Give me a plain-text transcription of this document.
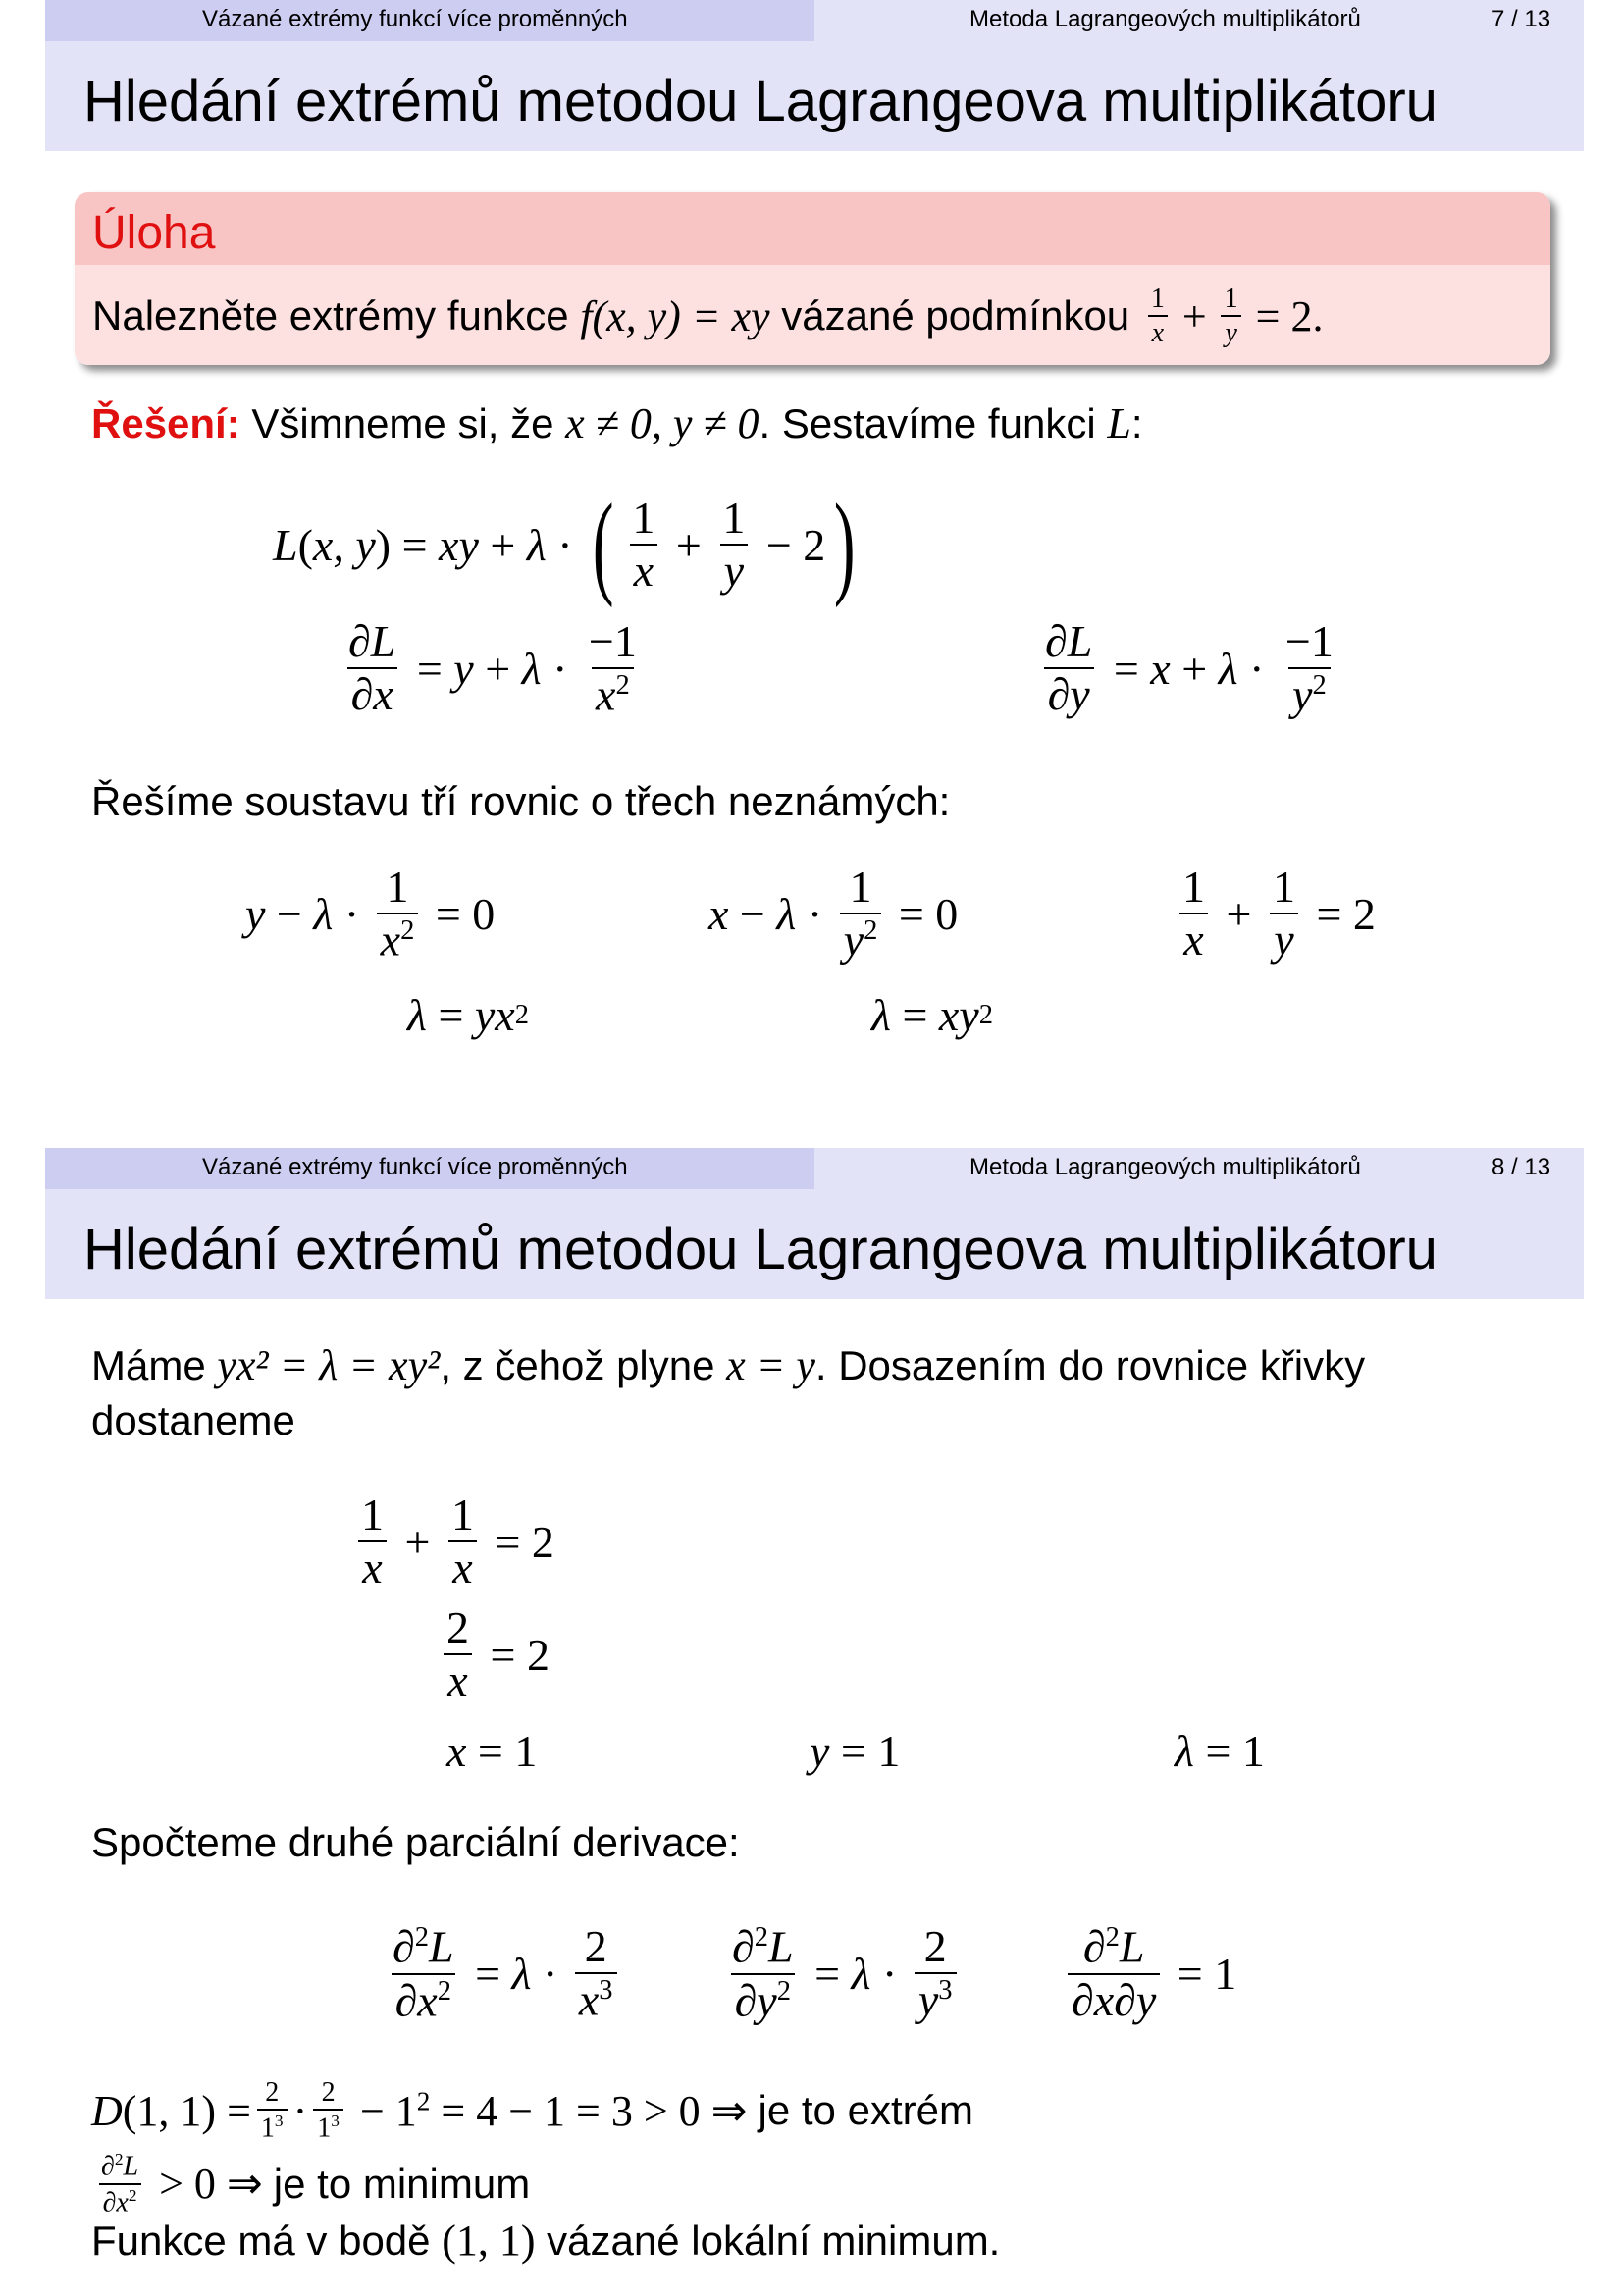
Vázané extrémy funkcí více proměnných	Metoda Lagrangeových multiplikátorů	7 / 13
Hledání extrémů metodou Lagrangeova multiplikátoru
Úloha
Nalezněte extrémy funkce f(x, y) = xy vázané podmínkou $\frac{1}{x} + \frac{1}{y} = 2$.
Řešení: Všimneme si, že x ≠ 0, y ≠ 0. Sestavíme funkci L:
L ( x, y ) = xy + λ · ( $\frac{1}{x} + \frac{1}{y} - 2$ )
$\frac{\partial L}{\partial x} = y + \lambda \cdot \frac{-1}{x^2}$	$\frac{\partial L}{\partial y} = x + \lambda \cdot \frac{-1}{y^2}$
Řešíme soustavu tří rovnic o třech neznámých:
$y - \lambda \cdot \frac{1}{x^2} = 0$	$x - \lambda \cdot \frac{1}{y^2} = 0$	$\frac{1}{x} + \frac{1}{y} = 2$
λ = yx 2	λ = xy 2
Vázané extrémy funkcí více proměnných	Metoda Lagrangeových multiplikátorů	8 / 13
Hledání extrémů metodou Lagrangeova multiplikátoru
Máme yx² = λ = xy², z čehož plyne x = y. Dosazením do rovnice křivky
dostaneme
$\frac{1}{x} + \frac{1}{x} = 2$
$\frac{2}{x} = 2$
x = 1	y = 1	λ = 1
Spočteme druhé parciální derivace:
$\frac{\partial^2L}{\partial x^2} = \lambda \cdot \frac{2}{x^3} \frac{\partial^2L}{\partial y^2} = \lambda \cdot \frac{2}{y^3} \frac{\partial^2L}{\partial x\partial y} = 1$
D (1, $1) = \frac{2}{1^3} \cdot \frac{2}{1^3} - 1^2 = 4 - 1 = 3 > 0$ ⇒ je to extrém
$\frac{\partial^2L}{\partial x^2} > 0$ ⇒ je to minimum
Funkce má v bodě (1, 1) vázané lokální minimum.
